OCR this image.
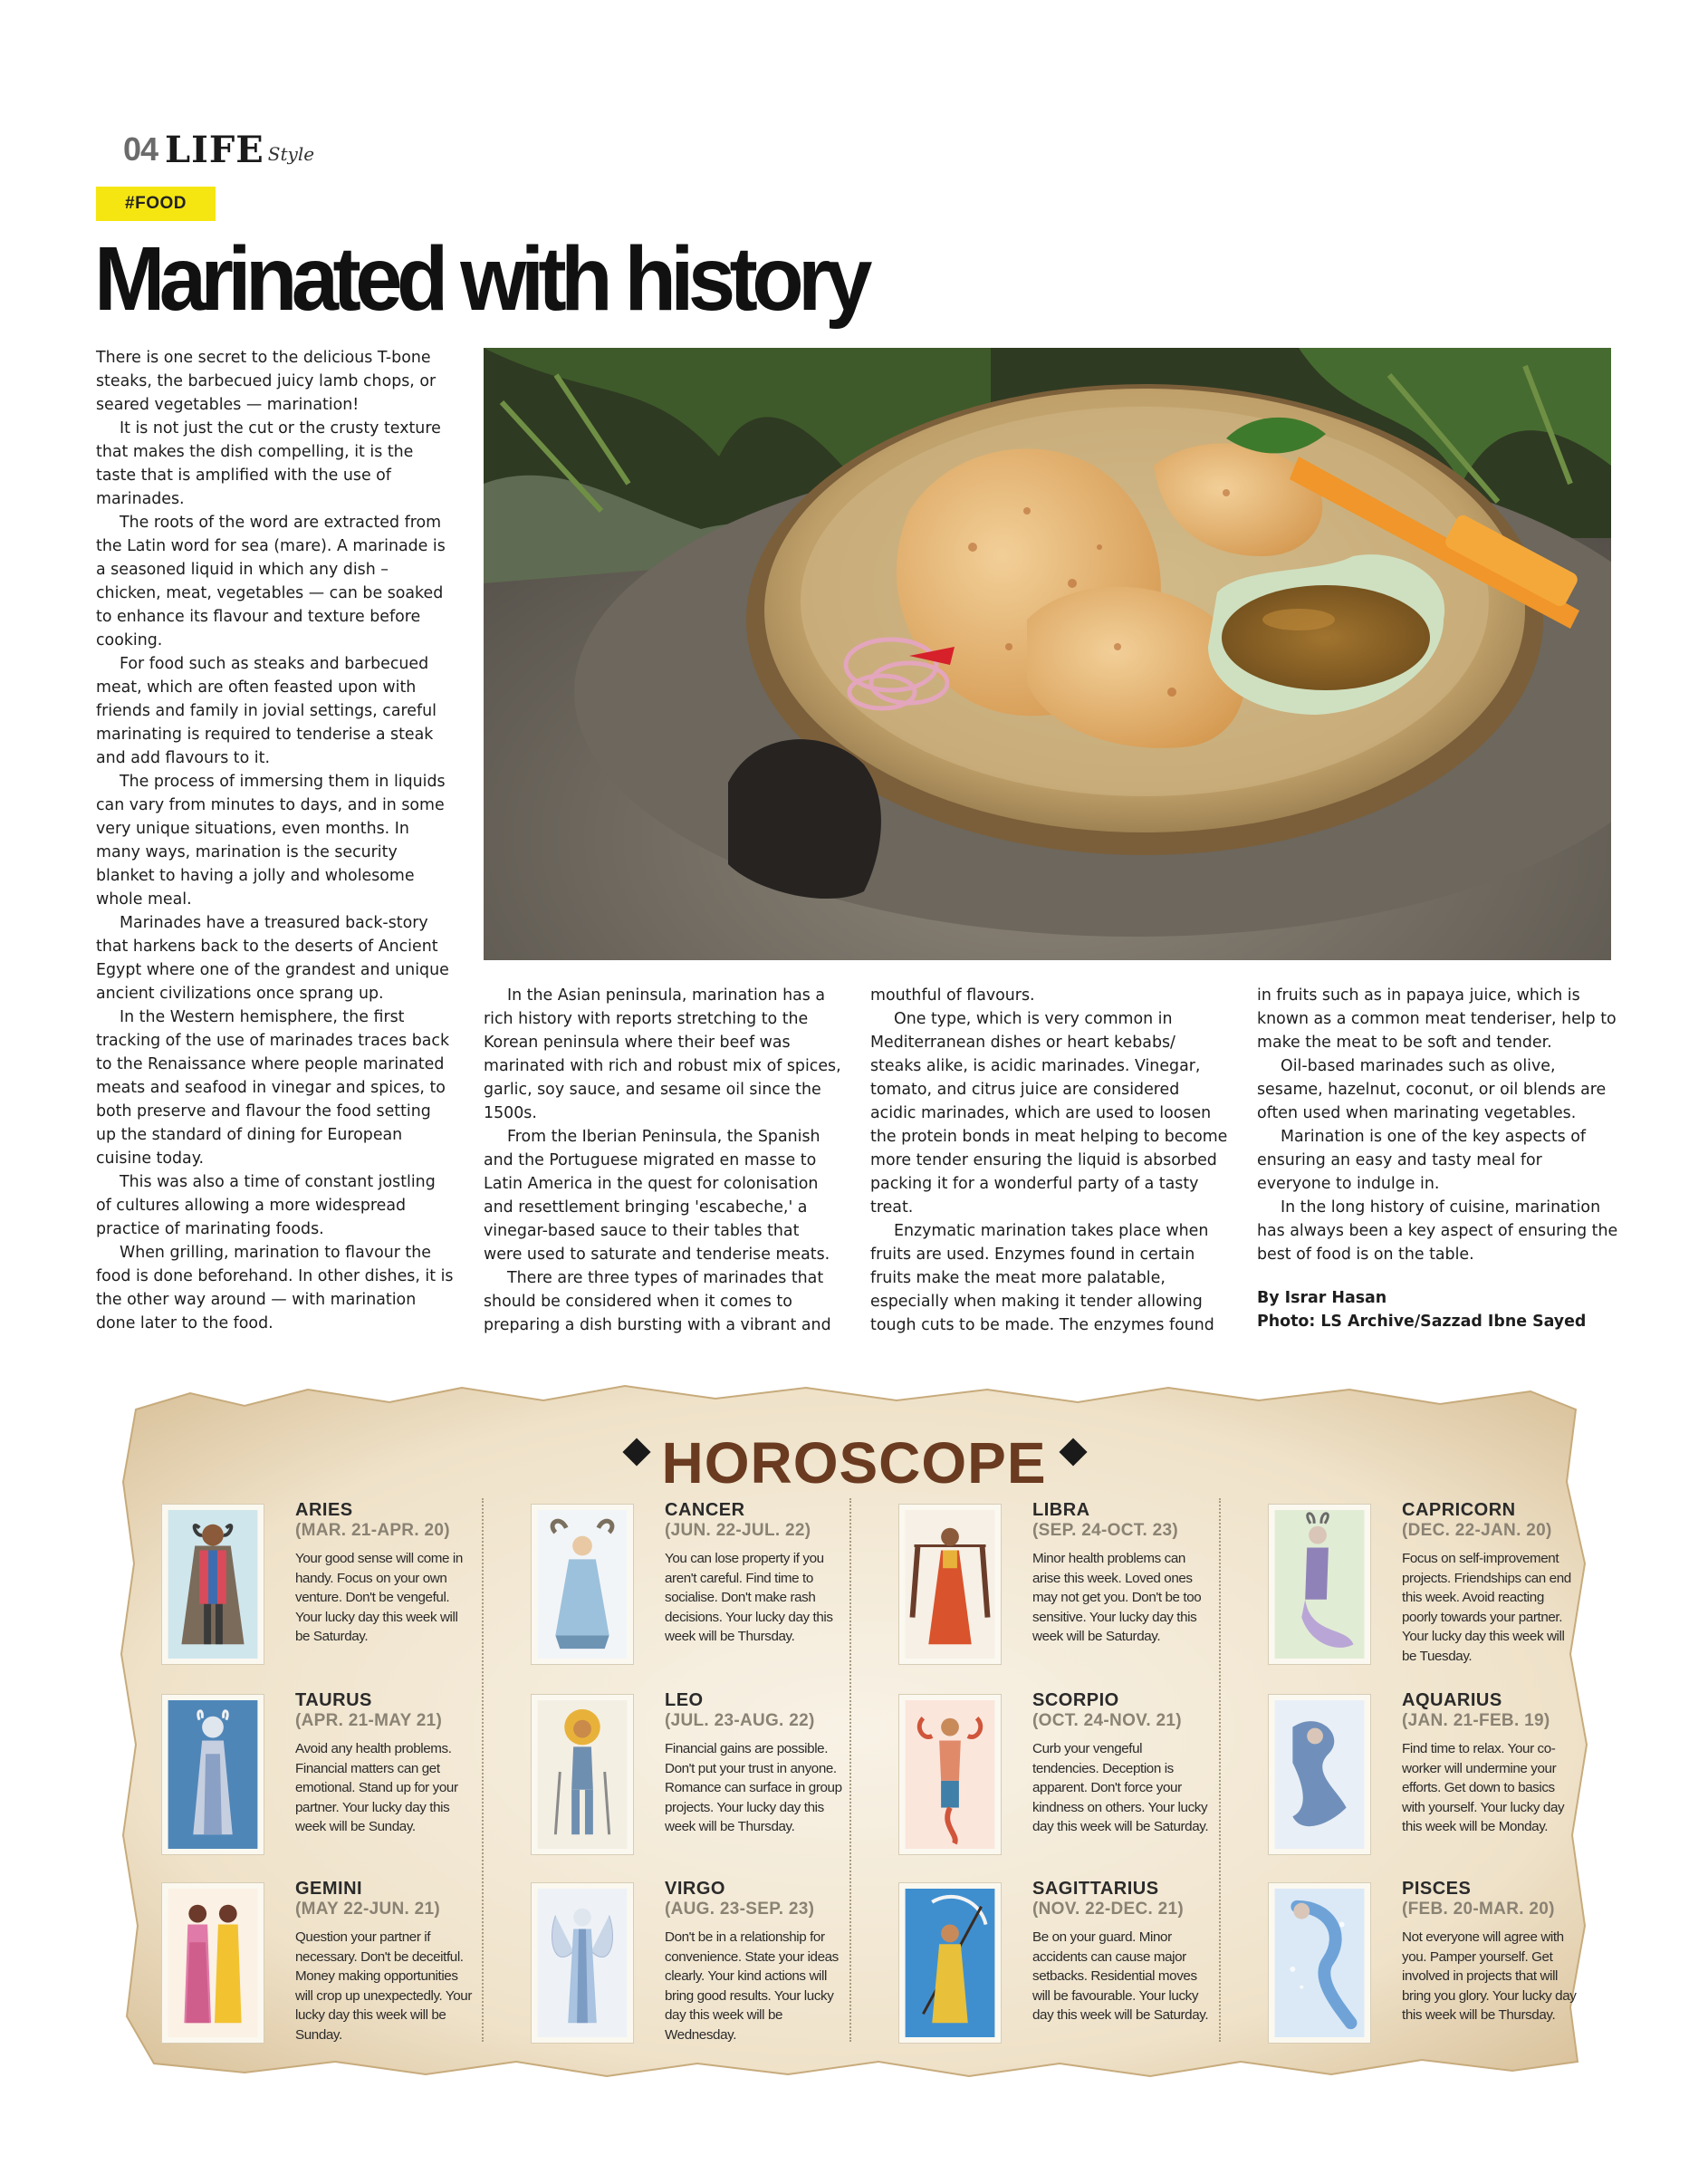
04 LIFE Style
#FOOD
Marinated with history

There is one secret to the delicious T-bone steaks, the barbecued juicy lamb chops, or seared vegetables — marination!

It is not just the cut or the crusty texture that makes the dish compelling, it is the taste that is amplified with the use of marinades.

The roots of the word are extracted from the Latin word for sea (mare). A marinade is a seasoned liquid in which any dish – chicken, meat, vegetables — can be soaked to enhance its flavour and texture before cooking.

For food such as steaks and barbecued meat, which are often feasted upon with friends and family in jovial settings, careful marinating is required to tenderise a steak and add flavours to it.

The process of immersing them in liquids can vary from minutes to days, and in some very unique situations, even months. In many ways, marination is the security blanket to having a jolly and wholesome whole meal.

Marinades have a treasured back-story that harkens back to the deserts of Ancient Egypt where one of the grandest and unique ancient civilizations once sprang up.

In the Western hemisphere, the first tracking of the use of marinades traces back to the Renaissance where people marinated meats and seafood in vinegar and spices, to both preserve and flavour the food setting up the standard of dining for European cuisine today.

This was also a time of constant jostling of cultures allowing a more widespread practice of marinating foods.

When grilling, marination to flavour the food is done beforehand. In other dishes, it is the other way around — with marination done later to the food.

In the Asian peninsula, marination has a rich history with reports stretching to the Korean peninsula where their beef was marinated with rich and robust mix of spices, garlic, soy sauce, and sesame oil since the 1500s.

From the Iberian Peninsula, the Spanish and the Portuguese migrated en masse to Latin America in the quest for colonisation and resettlement bringing 'escabeche,' a vinegar-based sauce to their tables that were used to saturate and tenderise meats.

There are three types of marinades that should be considered when it comes to preparing a dish bursting with a vibrant and

mouthful of flavours.

One type, which is very common in Mediterranean dishes or heart kebabs/ steaks alike, is acidic marinades. Vinegar, tomato, and citrus juice are considered acidic marinades, which are used to loosen the protein bonds in meat helping to become more tender ensuring the liquid is absorbed packing it for a wonderful party of a tasty treat.

Enzymatic marination takes place when fruits are used. Enzymes found in certain fruits make the meat more palatable, especially when making it tender allowing tough cuts to be made. The enzymes found

in fruits such as in papaya juice, which is known as a common meat tenderiser, help to make the meat to be soft and tender.

Oil-based marinades such as olive, sesame, hazelnut, coconut, or oil blends are often used when marinating vegetables.

Marination is one of the key aspects of ensuring an easy and tasty meal for everyone to indulge in.

In the long history of cuisine, marination has always been a key aspect of ensuring the best of food is on the table.

By Israr Hasan

Photo: LS Archive/Sazzad Ibne Sayed

HOROSCOPE
ARIES
(MAR. 21-APR. 20)
Your good sense will come in handy. Focus on your own venture. Don't be vengeful. Your lucky day this week will be Saturday.
TAURUS
(APR. 21-MAY 21)
Avoid any health problems. Financial matters can get emotional. Stand up for your partner. Your lucky day this week will be Sunday.
GEMINI
(MAY 22-JUN. 21)
Question your partner if necessary. Don't be deceitful. Money making opportunities will crop up unexpectedly. Your lucky day this week will be Sunday.
CANCER
(JUN. 22-JUL. 22)
You can lose property if you aren't careful. Find time to socialise. Don't make rash decisions. Your lucky day this week will be Thursday.
LEO
(JUL. 23-AUG. 22)
Financial gains are possible. Don't put your trust in anyone. Romance can surface in group projects. Your lucky day this week will be Thursday.
VIRGO
(AUG. 23-SEP. 23)
Don't be in a relationship for convenience. State your ideas clearly. Your kind actions will bring good results. Your lucky day this week will be Wednesday.
LIBRA
(SEP. 24-OCT. 23)
Minor health problems can arise this week. Loved ones may not get you. Don't be too sensitive. Your lucky day this week will be Saturday.
SCORPIO
(OCT. 24-NOV. 21)
Curb your vengeful tendencies. Deception is apparent. Don't force your kindness on others. Your lucky day this week will be Saturday.
SAGITTARIUS
(NOV. 22-DEC. 21)
Be on your guard. Minor accidents can cause major setbacks. Residential moves will be favourable. Your lucky day this week will be Saturday.
CAPRICORN
(DEC. 22-JAN. 20)
Focus on self-improvement projects. Friendships can end this week. Avoid reacting poorly towards your partner. Your lucky day this week will be Tuesday.
AQUARIUS
(JAN. 21-FEB. 19)
Find time to relax. Your co-worker will undermine your efforts. Get down to basics with yourself. Your lucky day this week will be Monday.
PISCES
(FEB. 20-MAR. 20)
Not everyone will agree with you. Pamper yourself. Get involved in projects that will bring you glory. Your lucky day this week will be Thursday.
